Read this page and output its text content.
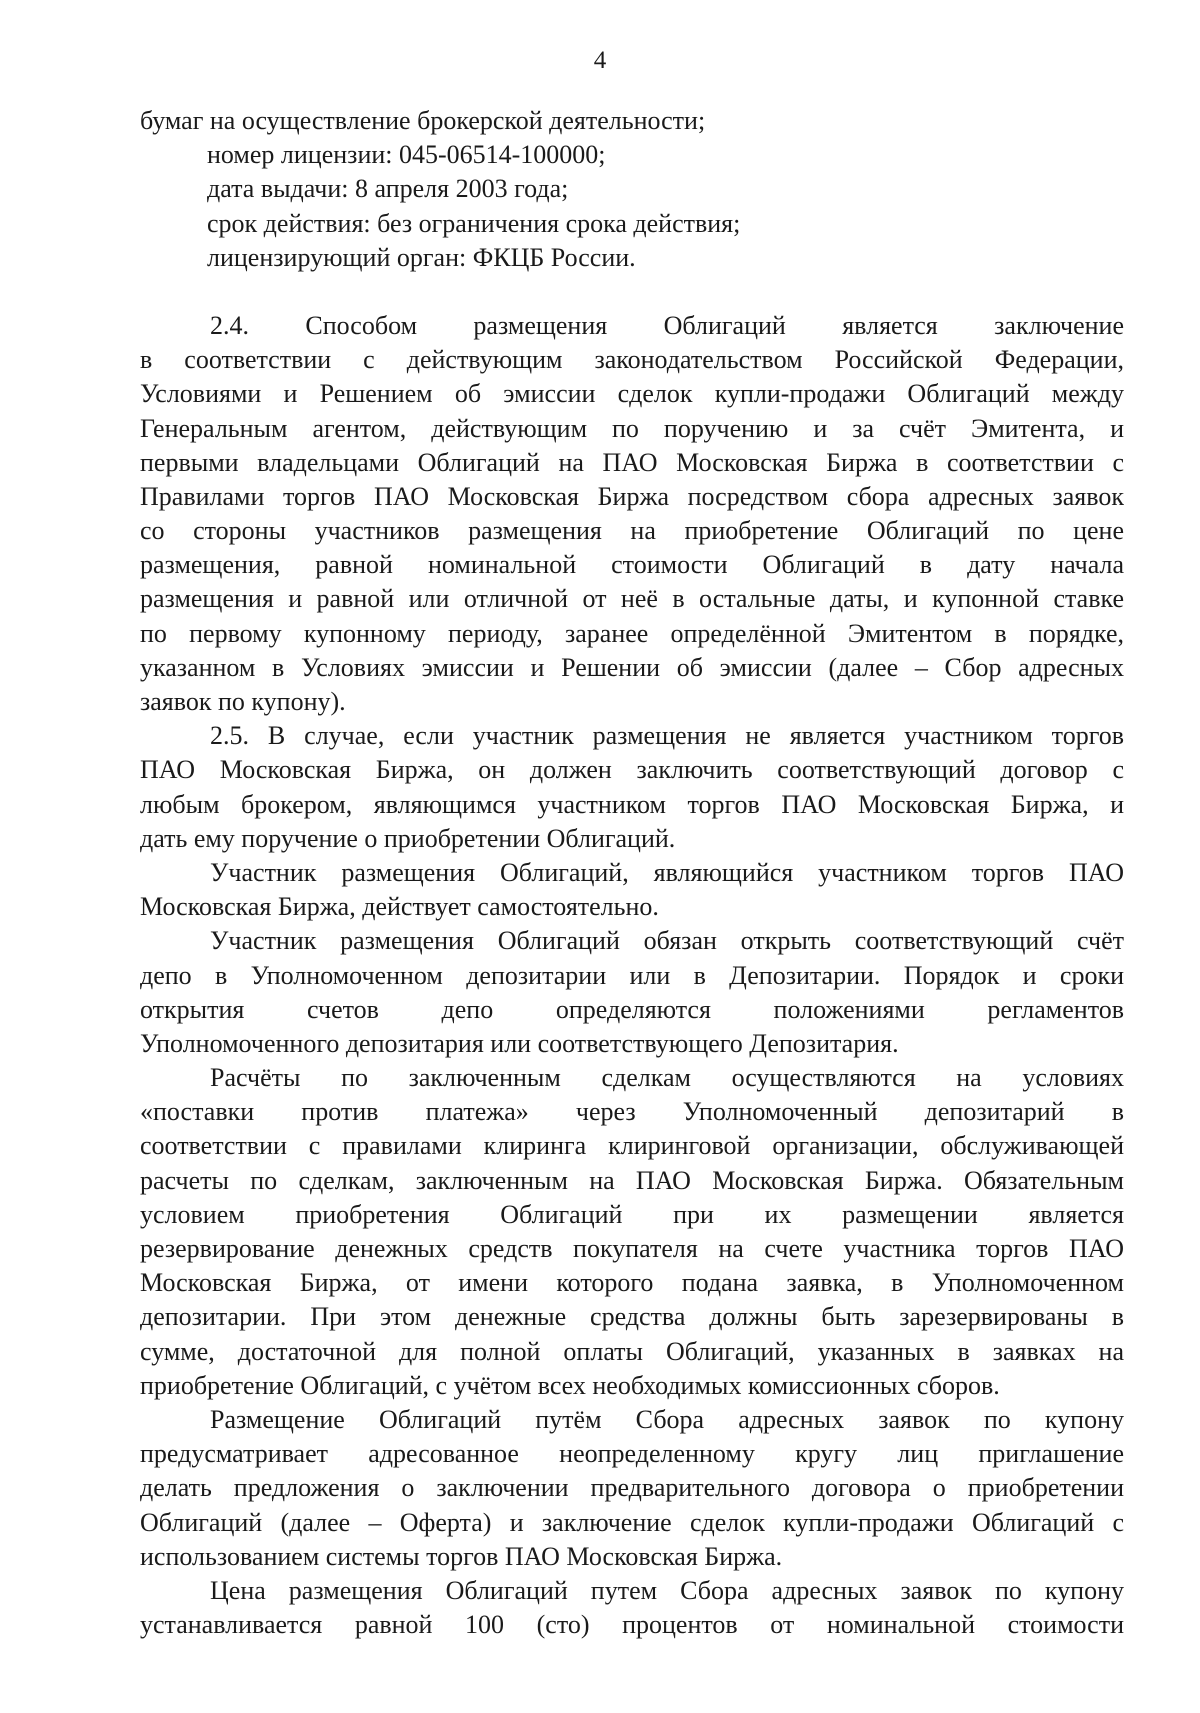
4
бумаг на осуществление брокерской деятельности;
номер лицензии: 045-06514-100000;
дата выдачи: 8 апреля 2003 года;
срок действия: без ограничения срока действия;
лицензирующий орган: ФКЦБ России.
2.4. Способом размещения Облигаций является заключение
в соответствии с действующим законодательством Российской Федерации,
Условиями и Решением об эмиссии сделок купли-продажи Облигаций между
Генеральным агентом, действующим по поручению и за счёт Эмитента, и
первыми владельцами Облигаций на ПАО Московская Биржа в соответствии с
Правилами торгов ПАО Московская Биржа посредством сбора адресных заявок
со стороны участников размещения на приобретение Облигаций по цене
размещения, равной номинальной стоимости Облигаций в дату начала
размещения и равной или отличной от неё в остальные даты, и купонной ставке
по первому купонному периоду, заранее определённой Эмитентом в порядке,
указанном в Условиях эмиссии и Решении об эмиссии (далее – Сбор адресных
заявок по купону).
2.5. В случае, если участник размещения не является участником торгов
ПАО Московская Биржа, он должен заключить соответствующий договор с
любым брокером, являющимся участником торгов ПАО Московская Биржа, и
дать ему поручение о приобретении Облигаций.
Участник размещения Облигаций, являющийся участником торгов ПАО
Московская Биржа, действует самостоятельно.
Участник размещения Облигаций обязан открыть соответствующий счёт
депо в Уполномоченном депозитарии или в Депозитарии. Порядок и сроки
открытия счетов депо определяются положениями регламентов
Уполномоченного депозитария или соответствующего Депозитария.
Расчёты по заключенным сделкам осуществляются на условиях
«поставки против платежа» через Уполномоченный депозитарий в
соответствии с правилами клиринга клиринговой организации, обслуживающей
расчеты по сделкам, заключенным на ПАО Московская Биржа. Обязательным
условием приобретения Облигаций при их размещении является
резервирование денежных средств покупателя на счете участника торгов ПАО
Московская Биржа, от имени которого подана заявка, в Уполномоченном
депозитарии. При этом денежные средства должны быть зарезервированы в
сумме, достаточной для полной оплаты Облигаций, указанных в заявках на
приобретение Облигаций, с учётом всех необходимых комиссионных сборов.
Размещение Облигаций путём Сбора адресных заявок по купону
предусматривает адресованное неопределенному кругу лиц приглашение
делать предложения о заключении предварительного договора о приобретении
Облигаций (далее – Оферта) и заключение сделок купли-продажи Облигаций с
использованием системы торгов ПАО Московская Биржа.
Цена размещения Облигаций путем Сбора адресных заявок по купону
устанавливается равной 100 (сто) процентов от номинальной стоимости
